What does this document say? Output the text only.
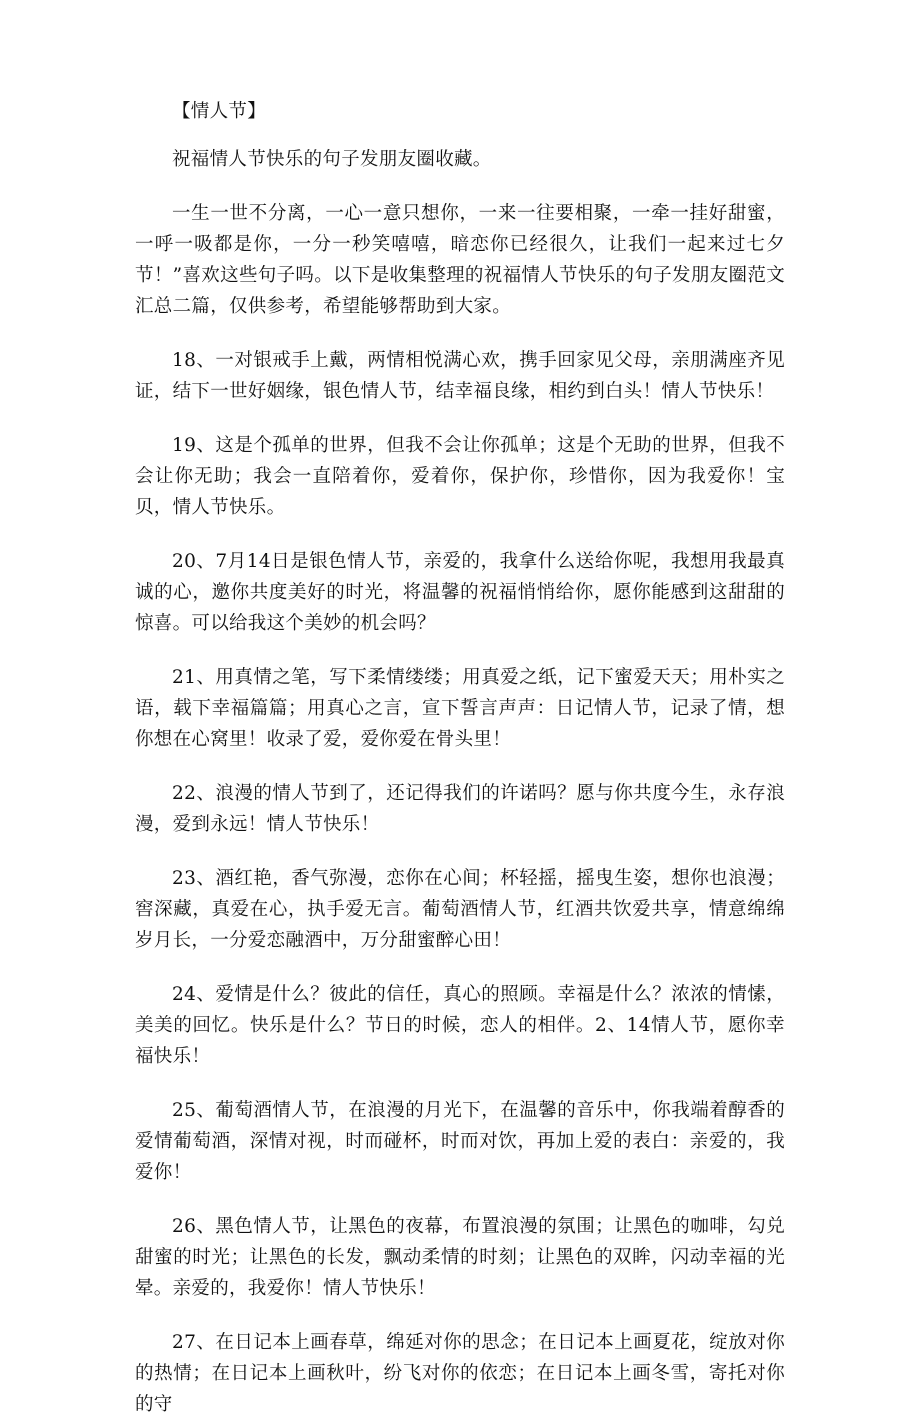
【情人节】

祝福情人节快乐的句子发朋友圈收藏。

一生一世不分离，一心一意只想你，一来一往要相聚，一牵一挂好甜蜜，一呼一吸都是你，一分一秒笑嘻嘻，暗恋你已经很久，让我们一起来过七夕节！”喜欢这些句子吗。以下是收集整理的祝福情人节快乐的句子发朋友圈范文汇总二篇，仅供参考，希望能够帮助到大家。

18、一对银戒手上戴，两情相悦满心欢，携手回家见父母，亲朋满座齐见证，结下一世好姻缘，银色情人节，结幸福良缘，相约到白头！情人节快乐！

19、这是个孤单的世界，但我不会让你孤单；这是个无助的世界，但我不会让你无助；我会一直陪着你，爱着你，保护你，珍惜你，因为我爱你！宝贝，情人节快乐。

20、7月14日是银色情人节，亲爱的，我拿什么送给你呢，我想用我最真诚的心，邀你共度美好的时光，将温馨的祝福悄悄给你，愿你能感到这甜甜的惊喜。可以给我这个美妙的机会吗？

21、用真情之笔，写下柔情缕缕；用真爱之纸，记下蜜爱天天；用朴实之语，载下幸福篇篇；用真心之言，宣下誓言声声：日记情人节，记录了情，想你想在心窝里！收录了爱，爱你爱在骨头里！

22、浪漫的情人节到了，还记得我们的许诺吗？愿与你共度今生，永存浪漫，爱到永远！情人节快乐！

23、酒红艳，香气弥漫，恋你在心间；杯轻摇，摇曳生姿，想你也浪漫；窖深藏，真爱在心，执手爱无言。葡萄酒情人节，红酒共饮爱共享，情意绵绵岁月长，一分爱恋融酒中，万分甜蜜醉心田！

24、爱情是什么？彼此的信任，真心的照顾。幸福是什么？浓浓的情愫，美美的回忆。快乐是什么？节日的时候，恋人的相伴。2、14情人节，愿你幸福快乐！

25、葡萄酒情人节，在浪漫的月光下，在温馨的音乐中，你我端着醇香的爱情葡萄酒，深情对视，时而碰杯，时而对饮，再加上爱的表白：亲爱的，我爱你！

26、黑色情人节，让黑色的夜幕，布置浪漫的氛围；让黑色的咖啡，勾兑甜蜜的时光；让黑色的长发，飘动柔情的时刻；让黑色的双眸，闪动幸福的光晕。亲爱的，我爱你！情人节快乐！

27、在日记本上画春草，绵延对你的思念；在日记本上画夏花，绽放对你的热情；在日记本上画秋叶，纷飞对你的依恋；在日记本上画冬雪，寄托对你的守
